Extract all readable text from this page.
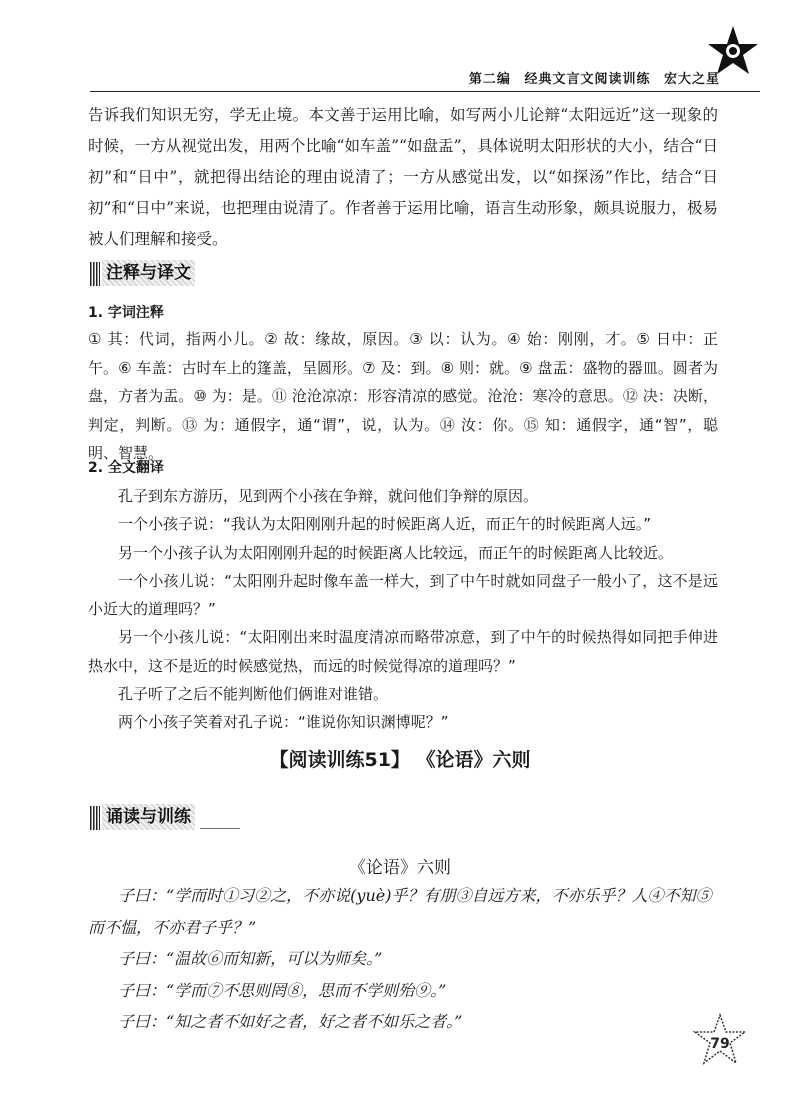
第二编 经典文言文阅读训练 宏大之星
告诉我们知识无穷，学无止境。本文善于运用比喻，如写两小儿论辩“太阳远近”这一现象的时候，一方从视觉出发，用两个比喻“如车盖”“如盘盂”，具体说明太阳形状的大小，结合“日初”和“日中”，就把得出结论的理由说清了；一方从感觉出发，以“如探汤”作比，结合“日初”和“日中”来说，也把理由说清了。作者善于运用比喻，语言生动形象，颇具说服力，极易被人们理解和接受。
注释与译文
1. 字词注释
① 其：代词，指两小儿。② 故：缘故，原因。③ 以：认为。④ 始：刚刚，才。⑤ 日中：正午。⑥ 车盖：古时车上的篷盖，呈圆形。⑦ 及：到。⑧ 则：就。⑨ 盘盂：盛物的器皿。圆者为盘，方者为盂。⑩ 为：是。⑪ 沧沧凉凉：形容清凉的感觉。沧沧：寒冷的意思。⑫ 决：决断，判定，判断。⑬ 为：通假字，通“谓”，说，认为。⑭ 汝：你。⑮ 知：通假字，通“智”，聪明、智慧。
2. 全文翻译

孔子到东方游历，见到两个小孩在争辩，就问他们争辩的原因。

一个小孩子说：“我认为太阳刚刚升起的时候距离人近，而正午的时候距离人远。”

另一个小孩子认为太阳刚刚升起的时候距离人比较远，而正午的时候距离人比较近。

一个小孩儿说：“太阳刚升起时像车盖一样大，到了中午时就如同盘子一般小了，这不是远小近大的道理吗？”

另一个小孩儿说：“太阳刚出来时温度清凉而略带凉意，到了中午的时候热得如同把手伸进热水中，这不是近的时候感觉热，而远的时候觉得凉的道理吗？”

孔子听了之后不能判断他们俩谁对谁错。

两个小孩子笑着对孔子说：“谁说你知识渊博呢？”

【阅读训练51】 《论语》六则
诵读与训练
《论语》六则

子曰：“学而时①习②之，不亦说(yuè)乎？有朋③自远方来，不亦乐乎？人④不知⑤而不愠，不亦君子乎？”

子曰：“温故⑥而知新，可以为师矣。”

子曰：“学而⑦不思则罔⑧，思而不学则殆⑨。”

子曰：“知之者不如好之者，好之者不如乐之者。”

79
